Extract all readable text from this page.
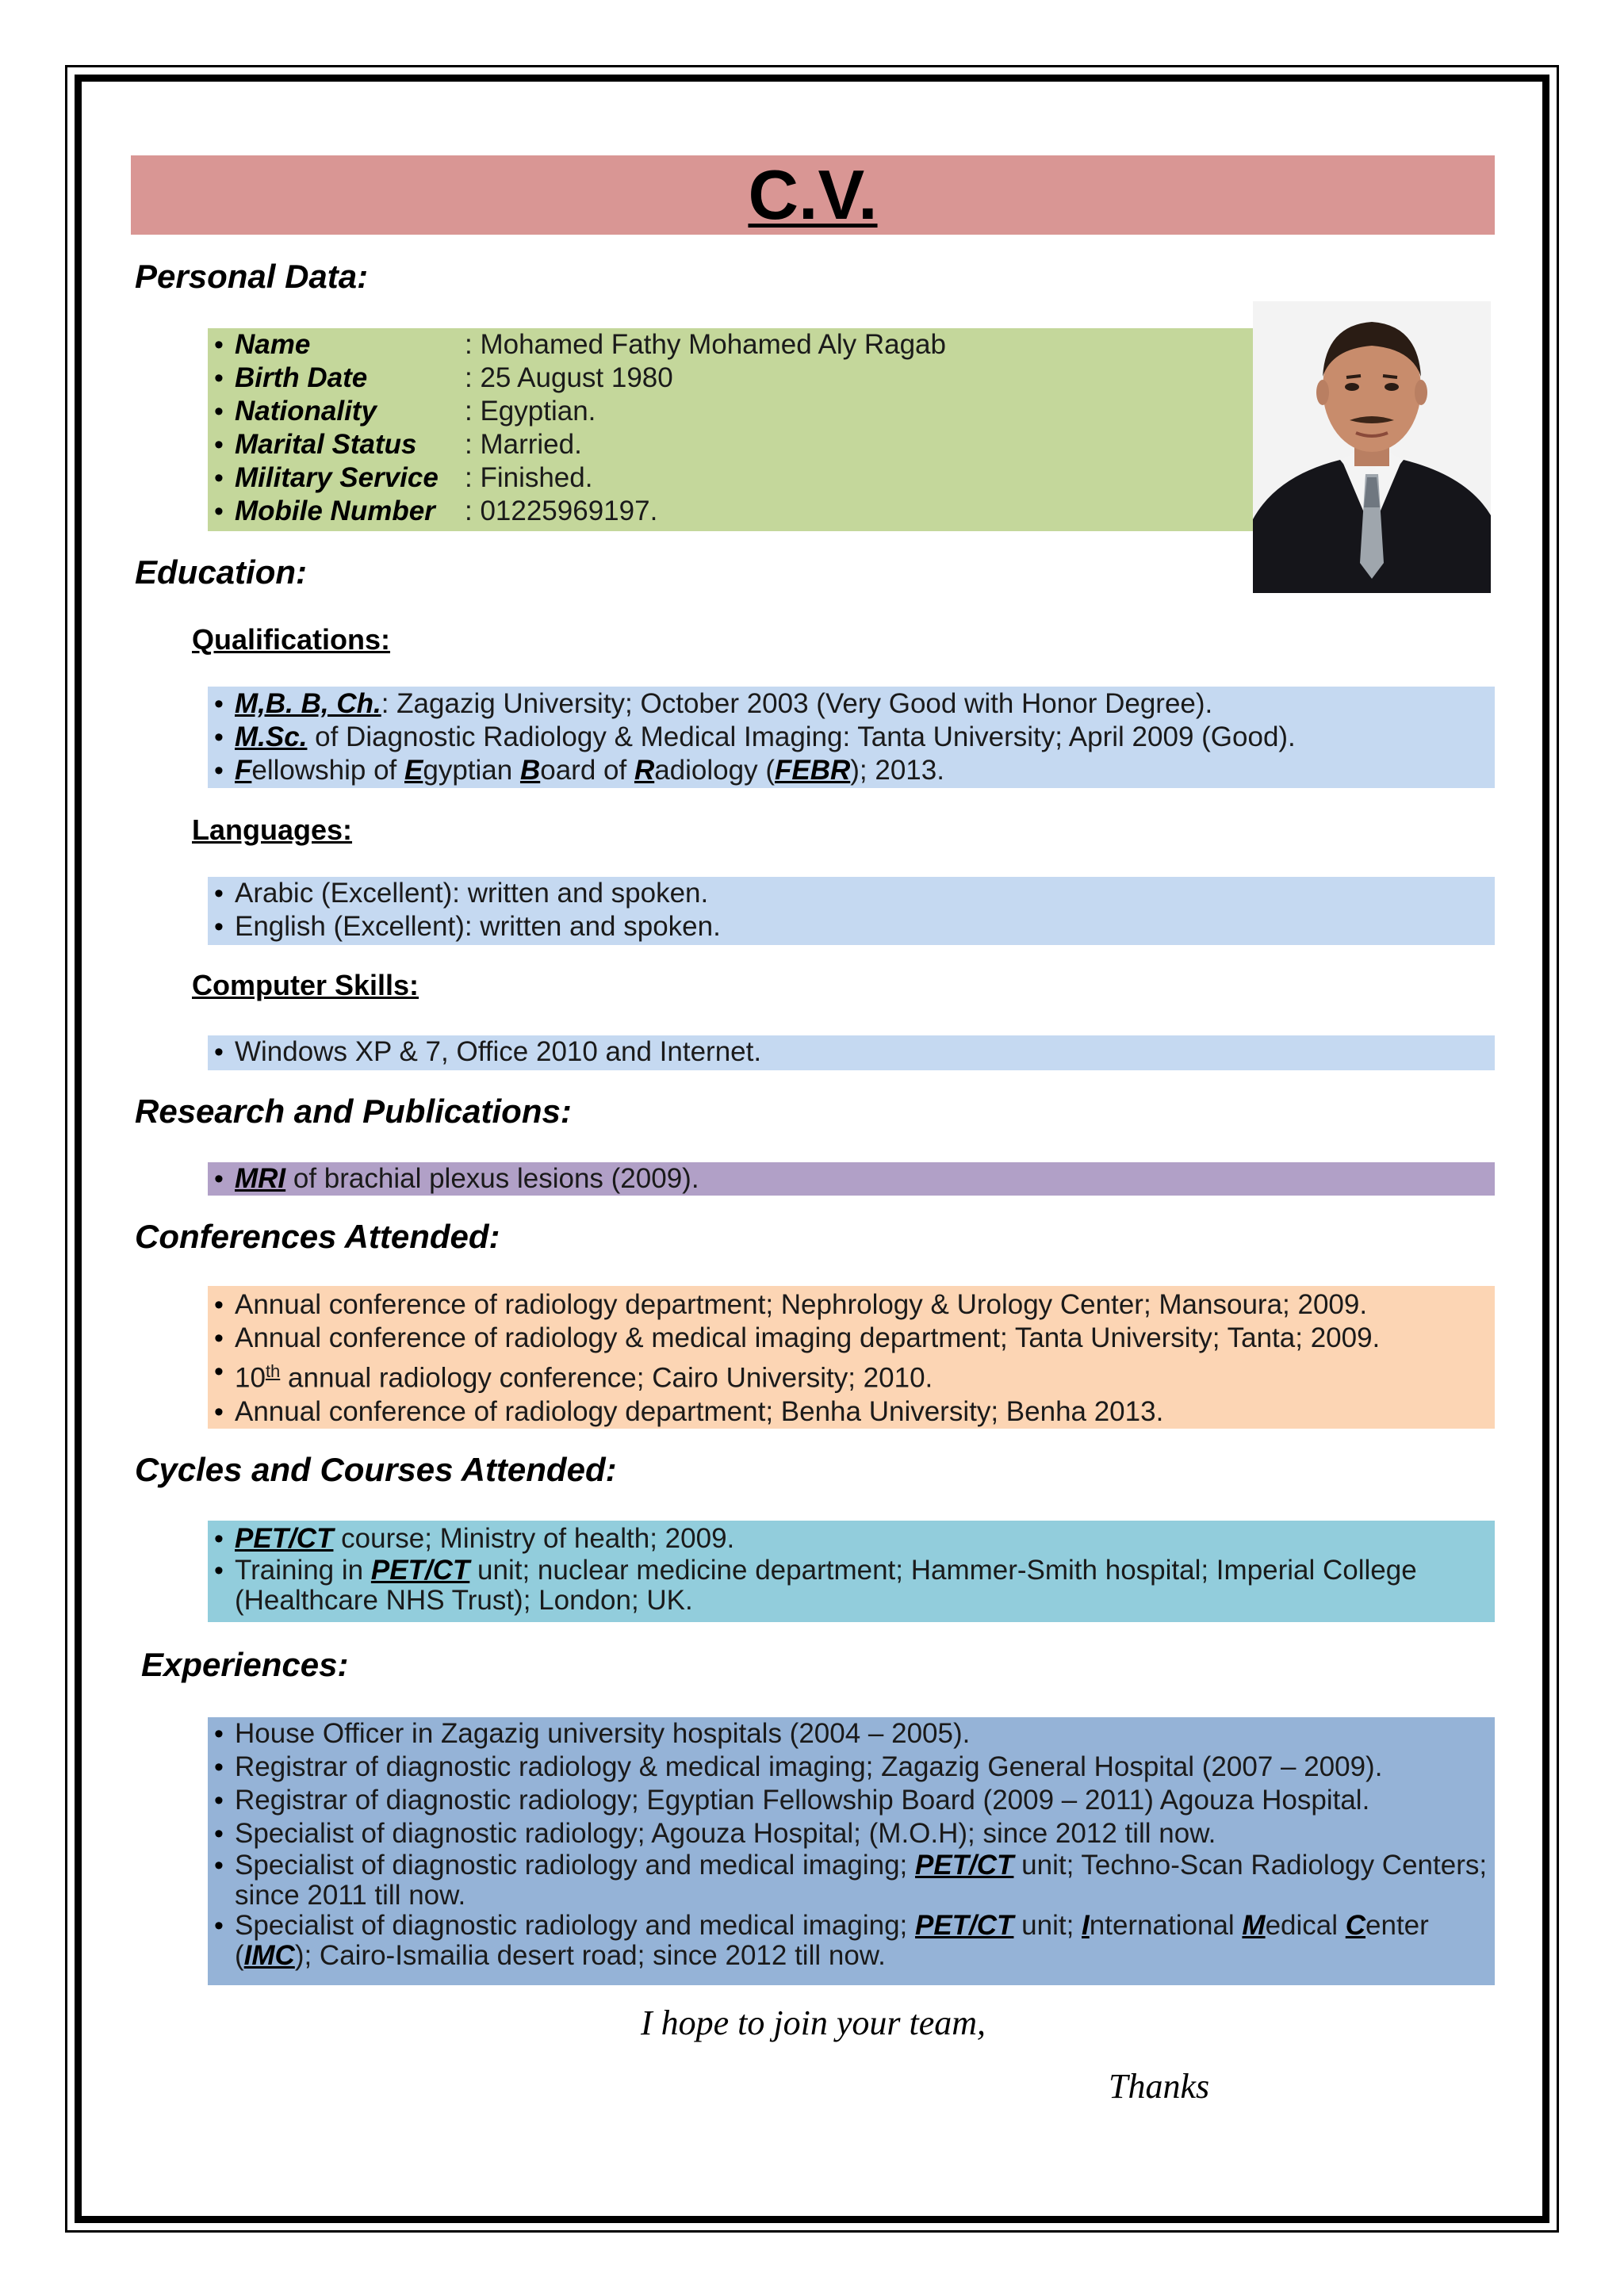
C.V.
Personal Data:
• Name	: Mohamed Fathy Mohamed Aly Ragab
• Birth Date	: 25 August 1980
• Nationality	: Egyptian.
• Marital Status : Married.
• Military Service : Finished.
• Mobile Number : 01225969197.
Education:
Qualifications:
• M,B. B, Ch.: Zagazig University; October 2003 (Very Good with Honor Degree).
• M.Sc. of Diagnostic Radiology & Medical Imaging: Tanta University; April 2009 (Good).
• Fellowship of Egyptian Board of Radiology (FEBR); 2013.
Languages:
• Arabic (Excellent): written and spoken.
• English (Excellent): written and spoken.
Computer Skills:
• Windows XP & 7, Office 2010 and Internet.
Research and Publications:
• MRI of brachial plexus lesions (2009).
Conferences Attended:
• Annual conference of radiology department; Nephrology & Urology Center; Mansoura; 2009.
• Annual conference of radiology & medical imaging department; Tanta University; Tanta; 2009.
• 10th annual radiology conference; Cairo University; 2010.
• Annual conference of radiology department; Benha University; Benha 2013.
Cycles and Courses Attended:
• PET/CT course; Ministry of health; 2009.
• Training in PET/CT unit; nuclear medicine department; Hammer-Smith hospital; Imperial College (Healthcare NHS Trust); London; UK.
Experiences:
• House Officer in Zagazig university hospitals (2004 – 2005).
• Registrar of diagnostic radiology & medical imaging; Zagazig General Hospital (2007 – 2009).
• Registrar of diagnostic radiology; Egyptian Fellowship Board (2009 – 2011) Agouza Hospital.
• Specialist of diagnostic radiology; Agouza Hospital; (M.O.H); since 2012 till now.
• Specialist of diagnostic radiology and medical imaging; PET/CT unit; Techno-Scan Radiology Centers; since 2011 till now.
• Specialist of diagnostic radiology and medical imaging; PET/CT unit; International Medical Center (IMC); Cairo-Ismailia desert road; since 2012 till now.
I hope to join your team,
Thanks
